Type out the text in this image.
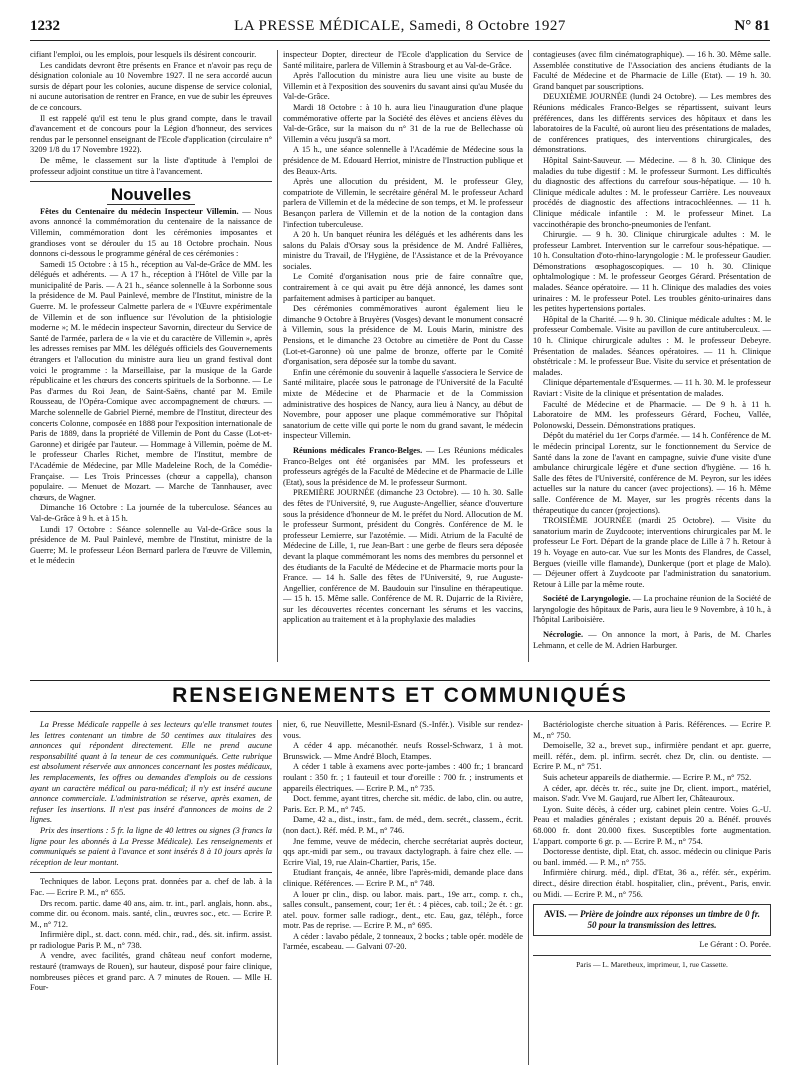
1232	LA PRESSE MÉDICALE, Samedi, 8 Octobre 1927	N° 81

cifiant l'emploi, ou les emplois, pour lesquels ils désirent concourir.

Les candidats devront être présents en France et n'avoir pas reçu de désignation coloniale au 10 Novembre 1927. Il ne sera accordé aucun sursis de départ pour les colonies, aucune dispense de service colonial, ni aucune autorisation de rentrer en France, en vue de subir les épreuves de ce concours.

Il est rappelé qu'il est tenu le plus grand compte, dans le travail d'avancement et de concours pour la Légion d'honneur, des services rendus par le personnel enseignant de l'Ecole d'application (circulaire n° 3209 1/8 du 17 Novembre 1922).

De même, le classement sur la liste d'aptitude à l'emploi de professeur adjoint constitue un titre à l'avancement.

Nouvelles

Fêtes du Centenaire du médecin Inspecteur Villemin. — Nous avons annoncé la commémoration du centenaire de la naissance de Villemin, commémoration dont les cérémonies imposantes et grandioses vont se dérouler du 15 au 18 Octobre prochain. Nous donnons ci-dessous le programme général de ces cérémonies :

Samedi 15 Octobre : à 15 h., réception au Val-de-Grâce de MM. les délégués et adhérents. — A 17 h., réception à l'Hôtel de Ville par la municipalité de Paris. — A 21 h., séance solennelle à la Sorbonne sous la présidence de M. Paul Painlevé, membre de l'Institut, ministre de la Guerre. M. le professeur Calmette parlera de « l'Œuvre expérimentale de Villemin et de son influence sur l'évolution de la phtisiologie moderne »; M. le médecin inspecteur Savornin, directeur du Service de Santé de l'armée, parlera de « la vie et du caractère de Villemin », après les adresses remises par MM. les délégués officiels des Gouvernements étrangers et l'allocution du ministre aura lieu un grand festival dont voici le programme : la Marseillaise, par la musique de la Garde républicaine et les chœurs des concerts spirituels de la Sorbonne. — Le Pas d'armes du Roi Jean, de Saint-Saëns, chanté par M. Emile Rousseau, de l'Opéra-Comique avec accompagnement de chœurs. — Marche solennelle de Gabriel Pierné, membre de l'Institut, directeur des concerts Colonne, composée en 1888 pour l'exposition internationale de Paris de 1889, dans la propriété de Villemin de Pont du Casse (Lot-et-Garonne) et dirigée par l'auteur. — Hommage à Villemin, poème de M. le professeur Charles Richet, membre de l'Institut, membre de l'Académie de Médecine, par Mlle Madeleine Roch, de la Comédie-Française. — Les Trois Princesses (chœur a cappella), chanson populaire. — Menuet de Mozart. — Marche de Tannhauser, avec chœurs, de Wagner.

Dimanche 16 Octobre : La journée de la tuberculose. Séances au Val-de-Grâce à 9 h. et à 15 h.

Lundi 17 Octobre : Séance solennelle au Val-de-Grâce sous la présidence de M. Paul Painlevé, membre de l'Institut, ministre de la Guerre; M. le professeur Léon Bernard parlera de l'œuvre de Villemin, et le médecin

inspecteur Dopter, directeur de l'Ecole d'application du Service de Santé militaire, parlera de Villemin à Strasbourg et au Val-de-Grâce.

Après l'allocution du ministre aura lieu une visite au buste de Villemin et à l'exposition des souvenirs du savant ainsi qu'au Musée du Val-de-Grâce.

Mardi 18 Octobre : à 10 h. aura lieu l'inauguration d'une plaque commémorative offerte par la Société des élèves et anciens élèves du Val-de-Grâce, sur la maison du n° 31 de la rue de Bellechasse où Villemin a vécu jusqu'à sa mort.

A 15 h., une séance solennelle à l'Académie de Médecine sous la présidence de M. Edouard Herriot, ministre de l'Instruction publique et des Beaux-Arts.

Après une allocution du président, M. le professeur Gley, compatriote de Villemin, le secrétaire général M. le professeur Achard parlera de Villemin et de la médecine de son temps, et M. le professeur Besançon parlera de Villemin et de la notion de la contagion dans l'infection tuberculeuse.

A 20 h. Un banquet réunira les délégués et les adhérents dans les salons du Palais d'Orsay sous la présidence de M. André Fallières, ministre du Travail, de l'Hygiène, de l'Assistance et de la Prévoyance sociales.

Le Comité d'organisation nous prie de faire connaître que, contrairement à ce qui avait pu être déjà annoncé, les dames sont parfaitement admises à participer au banquet.

Des cérémonies commémoratives auront également lieu le dimanche 9 Octobre à Bruyères (Vosges) devant le monument consacré à Villemin, sous la présidence de M. Louis Marin, ministre des Pensions, et le dimanche 23 Octobre au cimetière de Pont du Casse (Lot-et-Garonne) où une palme de bronze, offerte par le Comité d'organisation, sera déposée sur la tombe du savant.

Enfin une cérémonie du souvenir à laquelle s'associera le Service de Santé militaire, placée sous le patronage de l'Université de la Faculté mixte de Médecine et de Pharmacie et de la Commission administrative des hospices de Nancy, aura lieu à Nancy, au début de Novembre, pour apposer une plaque commémorative sur l'hôpital sanatorium de cette ville qui porte le nom du grand savant, le médecin inspecteur Villemin.

Réunions médicales Franco-Belges. — Les Réunions médicales Franco-Belges ont été organisées par MM. les professeurs et professeurs agrégés de la Faculté de Médecine et de Pharmacie de Lille (Etat), sous la présidence de M. le professeur Surmont.

PREMIÈRE JOURNÉE (dimanche 23 Octobre). — 10 h. 30. Salle des fêtes de l'Université, 9, rue Auguste-Angellier, séance d'ouverture sous la présidence d'honneur de M. le préfet du Nord. Allocution de M. le professeur Surmont, président du Congrès. Conférence de M. le professeur Lemierre, sur l'azotémie. — Midi. Atrium de la Faculté de Médecine de Lille, 1, rue Jean-Bart : une gerbe de fleurs sera déposée devant la plaque commémorant les noms des membres du personnel et des étudiants de la Faculté de Médecine et de Pharmacie morts pour la France. — 14 h. Salle des fêtes de l'Université, 9, rue Auguste-Angellier, conférence de M. Baudouin sur l'insuline en thérapeutique. — 15 h. 15. Même salle. Conférence de M. R. Dujarric de la Rivière, sur les découvertes récentes concernant les sérums et les vaccins, application au traitement et à la prophylaxie des maladies

contagieuses (avec film cinématographique). — 16 h. 30. Même salle. Assemblée constitutive de l'Association des anciens étudiants de la Faculté de Médecine et de Pharmacie de Lille (Etat). — 19 h. 30. Grand banquet par souscriptions.

DEUXIÈME JOURNÉE (lundi 24 Octobre). — Les membres des Réunions médicales Franco-Belges se répartissent, suivant leurs préférences, dans les différents services des hôpitaux et dans les laboratoires de la Faculté, où auront lieu des présentations de malades, de conférences pratiques, des interventions chirurgicales, des démonstrations.

Hôpital Saint-Sauveur. — Médecine. — 8 h. 30. Clinique des maladies du tube digestif : M. le professeur Surmont. Les difficultés du diagnostic des affections du carrefour sous-hépatique. — 10 h. Clinique médicale adultes : M. le professeur Carrière. Les nouveaux procédés de diagnostic des affections intracochléennes. — 11 h. Clinique médicale infantile : M. le professeur Minet. La vaccinothérapie des broncho-pneumonies de l'enfant.

Chirurgie. — 9 h. 30. Clinique chirurgicale adultes : M. le professeur Lambret. Intervention sur le carrefour sous-hépatique. — 10 h. Consultation d'oto-rhino-laryngologie : M. le professeur Gaudier. Démonstrations œsophagoscopiques. — 10 h. 30. Clinique ophtalmologique : M. le professeur Georges Gérard. Présentation de malades. Séance opératoire. — 11 h. Clinique des maladies des voies urinaires : M. le professeur Potel. Les troubles génito-urinaires dans les petites hypertensions portales.

Hôpital de la Charité. — 9 h. 30. Clinique médicale adultes : M. le professeur Combemale. Visite au pavillon de cure antituberculeux. — 10 h. Clinique chirurgicale adultes : M. le professeur Debeyre. Présentation de malades. Séances opératoires. — 11 h. Clinique obstétricale : M. le professeur Bue. Visite du service et présentation de malades.

Clinique départementale d'Esquermes. — 11 h. 30. M. le professeur Raviart : Visite de la clinique et présentation de malades.

Faculté de Médecine et de Pharmacie. — De 9 h. à 11 h. Laboratoire de MM. les professeurs Gérard, Focheu, Vallée, Polonowski, Dessein. Démonstrations pratiques.

Dépôt du matériel du 1er Corps d'armée. — 14 h. Conférence de M. le médecin principal Lorentz, sur le fonctionnement du Service de Santé dans la zone de l'avant en campagne, suivie d'une visite d'une ambulance chirurgicale légère et d'une section d'hygiène. — 16 h. Salle des fêtes de l'Université, conférence de M. Peyron, sur les idées actuelles sur la nature du cancer (avec projections). — 16 h. Même salle. Conférence de M. Mayer, sur les progrès récents dans la thérapeutique du cancer (projections).

TROISIÈME JOURNÉE (mardi 25 Octobre). — Visite du sanatorium marin de Zuydcoote; interventions chirurgicales par M. le professeur Le Fort. Départ de la grande place de Lille à 7 h. Retour à 19 h. Voyage en auto-car. Vue sur les Monts des Flandres, de Cassel, Bergues (vieille ville flamande), Dunkerque (port et plage de Malo). — Déjeuner offert à Zuydcoote par l'administration du sanatorium. Retour à Lille par la même route.

Société de Laryngologie. — La prochaine réunion de la Société de laryngologie des hôpitaux de Paris, aura lieu le 9 Novembre, à 10 h., à l'hôpital Lariboisière.

Nécrologie. — On annonce la mort, à Paris, de M. Charles Lehmann, et celle de M. Adrien Harburger.

RENSEIGNEMENTS ET COMMUNIQUÉS

La Presse Médicale rappelle à ses lecteurs qu'elle transmet toutes les lettres contenant un timbre de 50 centimes aux titulaires des annonces qui répondent directement. Elle ne prend aucune responsabilité quant à la teneur de ces communiqués. Cette rubrique est absolument réservée aux annonces concernant les postes médicaux, les remplacements, les offres ou demandes d'emplois ou de cessions ayant un caractère médical ou para-médical; il n'y est inséré aucune annonce commerciale. L'administration se réserve, après examen, de refuser les insertions. Il n'est pas inséré d'annonces de moins de 2 lignes.

Prix des insertions : 5 fr. la ligne de 40 lettres ou signes (3 francs la ligne pour les abonnés à La Presse Médicale). Les renseignements et communiqués se paient à l'avance et sont insérés 8 à 10 jours après la réception de leur montant.

Techniques de labor. Leçons prat. données par a. chef de lab. à la Fac. — Ecrire P. M., n° 655.

Drs recom. partic. dame 40 ans, aim. tr. int., parl. anglais, honn. abs., comme dir. ou économ. mais. santé, clin., œuvres soc., etc. — Ecrire P. M., n° 712.

Infirmière dipl., st. dact. conn. méd. chir., rad., dés. sit. infirm. assist. pr radiologue Paris P. M., n° 738.

A vendre, avec facilités, grand château neuf confort moderne, restauré (tramways de Rouen), sur hauteur, disposé pour faire clinique, nombreuses pièces et grand parc. A 7 minutes de Rouen. — Mlle H. Four-

nier, 6, rue Neuvillette, Mesnil-Esnard (S.-Infér.). Visible sur rendez-vous.

A céder 4 app. mécanothér. neufs Rossel-Schwarz, 1 à mot. Brunswick. — Mme André Bloch, Etampes.

A céder 1 table à examens avec porte-jambes : 400 fr.; 1 brancard roulant : 350 fr. ; 1 fauteuil et tour d'oreille : 700 fr. ; instruments et appareils électriques. — Ecrire P. M., n° 735.

Doct. femme, ayant titres, cherche sit. médic. de labo, clin. ou autre, Paris. Ecr. P. M., n° 745.

Dame, 42 a., dist., instr., fam. de méd., dem. secrét., classem., écrit. (non dact.). Réf. méd. P. M., n° 746.

Jne femme, veuve de médecin, cherche secrétariat auprès docteur, qqs apr.-midi par sem., ou travaux dactylograph. à faire chez elle. — Ecrire Vial, 19, rue Alain-Chartier, Paris, 15e.

Etudiant français, 4e année, libre l'après-midi, demande place dans clinique. Références. — Ecrire P. M., n° 748.

A louer pr clin., disp. ou labor. mais. part., 19e arr., comp. r. ch., salles consult., pansement, cour; 1er ét. : 4 pièces, cab. toil.; 2e ét. : gr. atel. pouv. former salle radiogr., dent., etc. Eau, gaz, téléph., force motr. Pas de reprise. — Ecrire P. M., n° 695.

A céder : lavabo pédale, 2 tonneaux, 2 bocks ; table opér. modèle de l'armée, escabeau. — Galvani 07-20.

Bactériologiste cherche situation à Paris. Références. — Ecrire P. M., n° 750.

Demoiselle, 32 a., brevet sup., infirmière pendant et apr. guerre, meill. référ., dem. pl. infirm. secrét. chez Dr, clin. ou dentiste. — Ecrire P. M., n° 751.

Suis acheteur appareils de diathermie. — Ecrire P. M., n° 752.

A céder, apr. décès tr. réc., suite jne Dr, client. import., matériel, maison. S'adr. Vve M. Gaujard, rue Albert Ier, Châteauroux.

Lyon. Suite décès, à céder urg. cabinet plein centre. Voies G.-U. Peau et maladies générales ; existant depuis 20 a. Bénéf. prouvés 68.000 fr. dont 20.000 fixes. Susceptibles forte augmentation. L'appart. comporte 6 gr. p. — Ecrire P. M., n° 754.

Doctoresse dentiste, dipl. Etat, ch. assoc. médecin ou clinique Paris ou banl. imméd. — P. M., n° 755.

Infirmière chirurg. méd., dipl. d'Etat, 36 a., référ. sér., expérim. direct., désire direction établ. hospitalier, clin., prévent., Paris, envir. ou Midi. — Ecrire P. M., n° 756.

AVIS. — Prière de joindre aux réponses un timbre de 0 fr. 50 pour la transmission des lettres.

Le Gérant : O. Porée.

Paris — L. Maretheux, imprimeur, 1, rue Cassette.
